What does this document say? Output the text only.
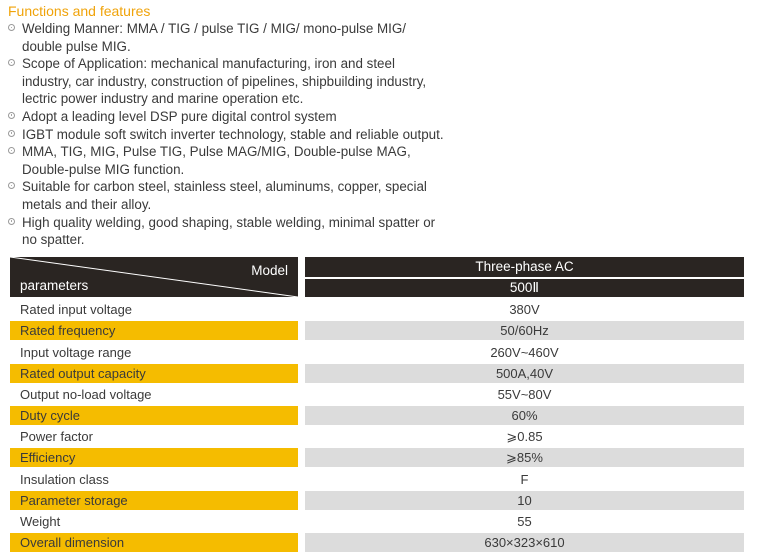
Functions and features
Welding Manner: MMA / TIG / pulse TIG / MIG/ mono-pulse MIG/
double pulse MIG.
Scope of Application: mechanical manufacturing, iron and steel
industry, car industry, construction of pipelines, shipbuilding industry,
lectric power industry and marine operation etc.
Adopt a leading level DSP pure digital control system
IGBT module soft switch inverter technology, stable and reliable output.
MMA, TIG, MIG, Pulse TIG, Pulse MAG/MIG, Double-pulse MAG,
Double-pulse MIG function.
Suitable for carbon steel, stainless steel, aluminums, copper, special
metals and their alloy.
High quality welding, good shaping, stable welding, minimal spatter or
no spatter.
Model
parameters
Three-phase AC
500Ⅱ
Rated input voltage	380V
Rated frequency	50/60Hz
Input voltage range	260V~460V
Rated output capacity	500A,40V
Output no-load voltage	55V~80V
Duty cycle	60%
Power factor	⩾0.85
Efficiency	⩾85%
Insulation class	F
Parameter storage	10
Weight	55
Overall dimension	630×323×610
